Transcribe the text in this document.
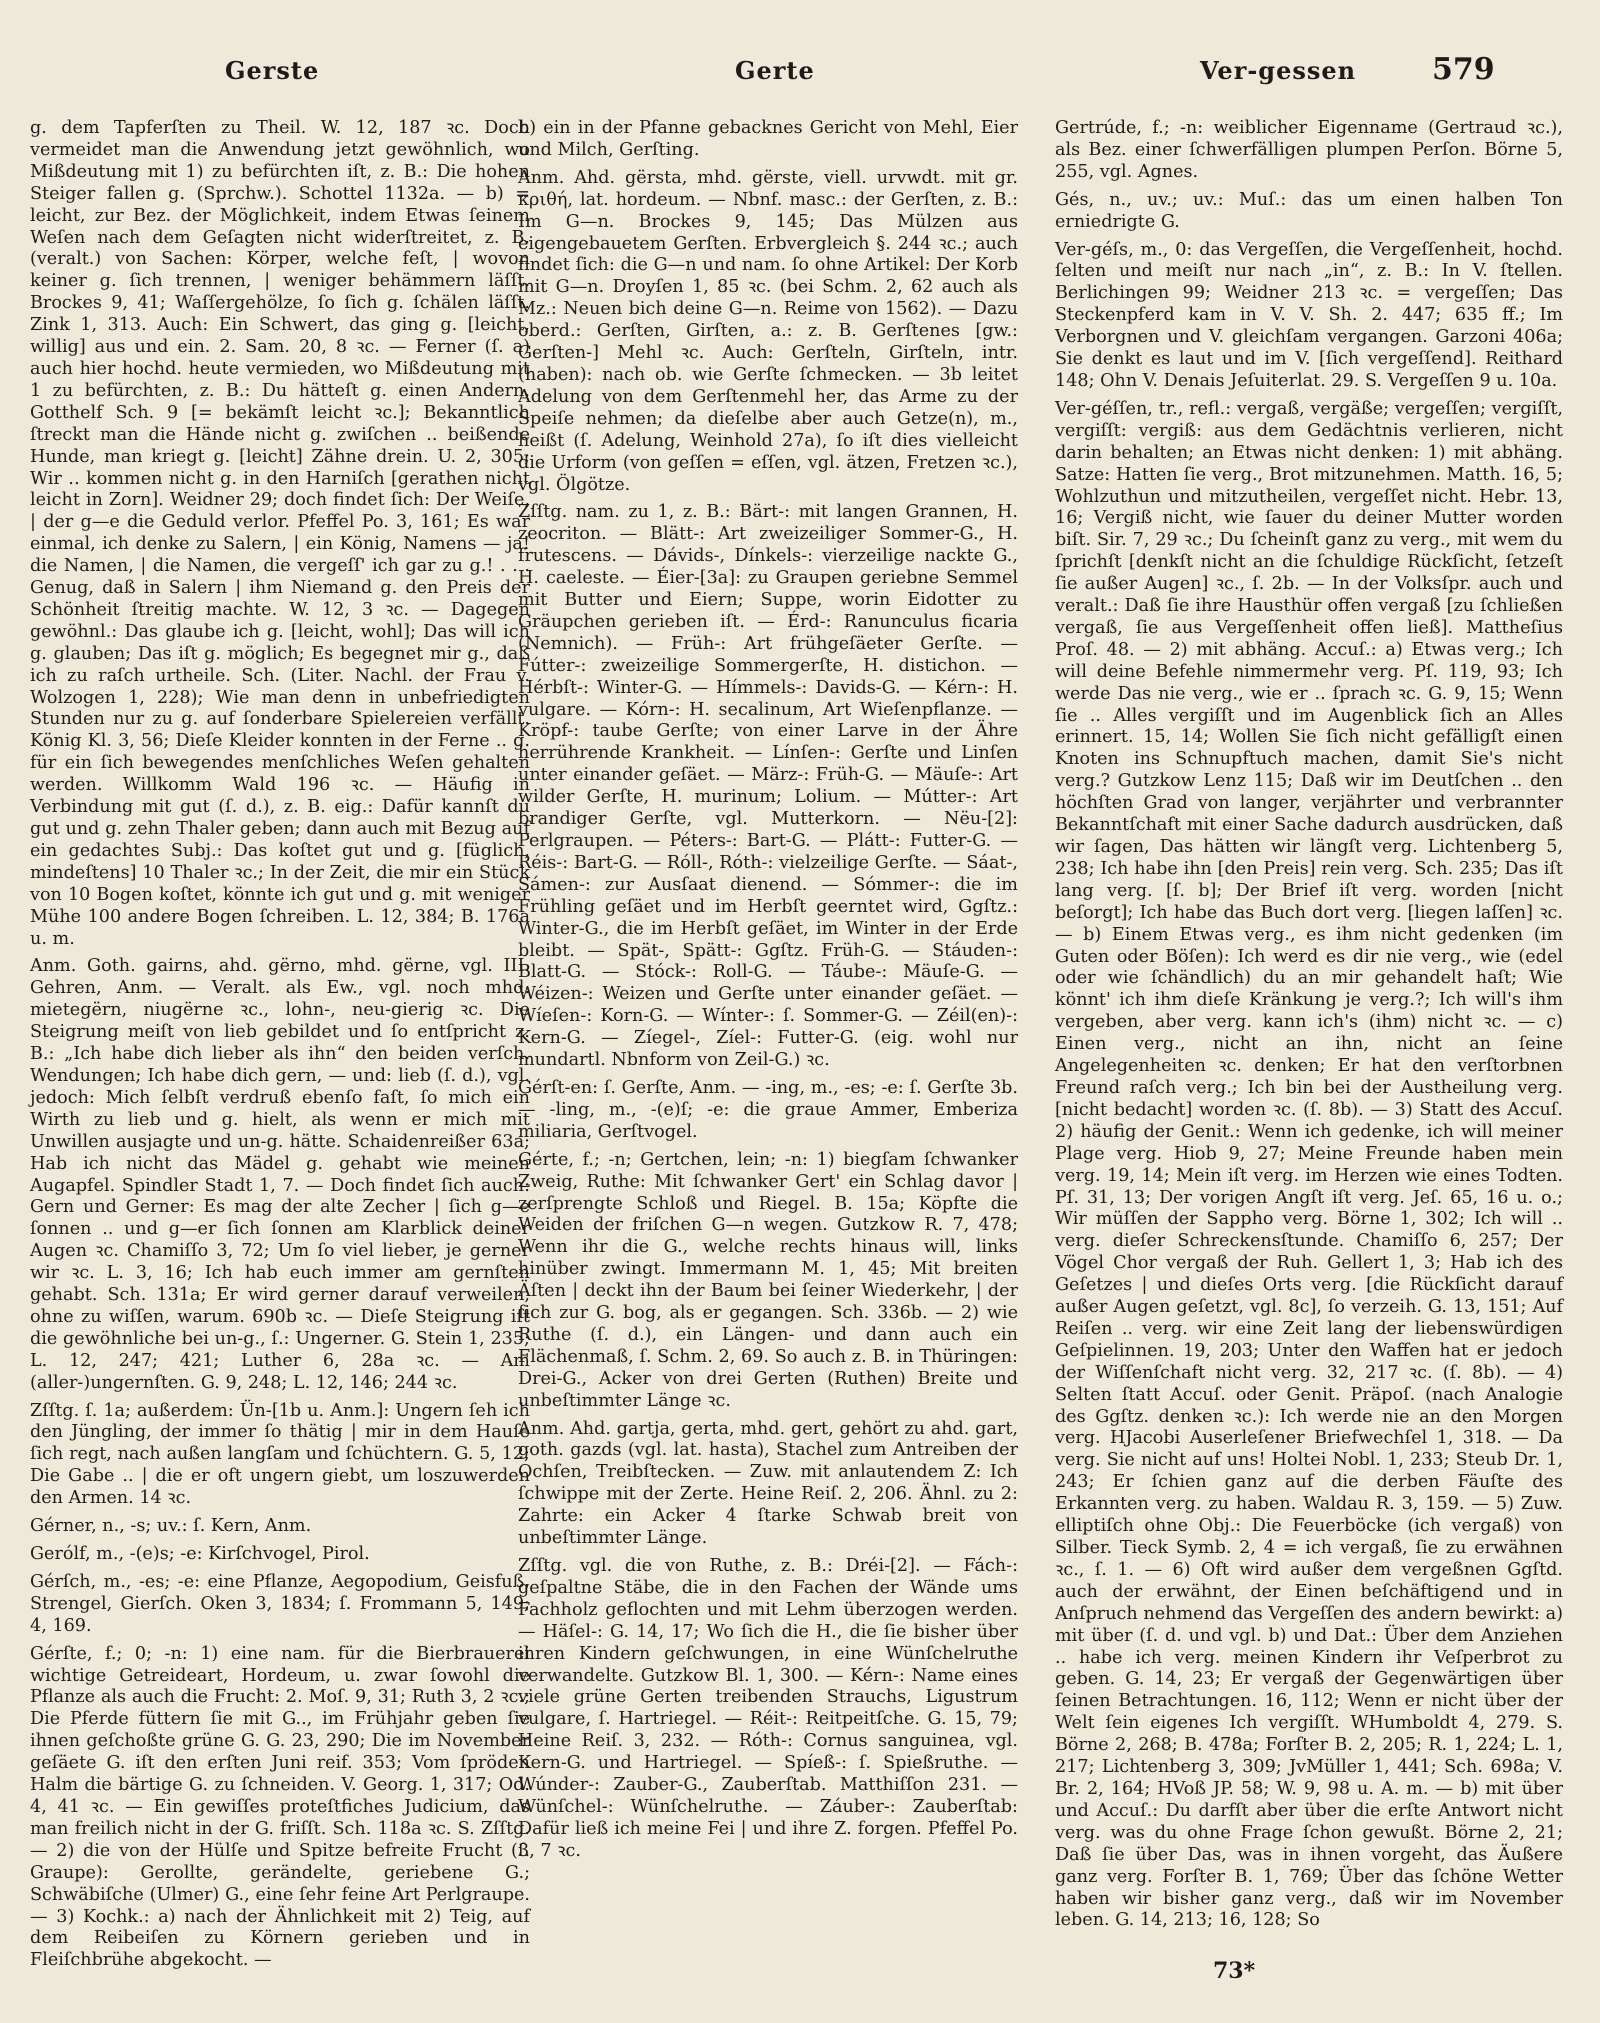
Gerste	Gerte	Ver-gessen	579

g. dem Tapferſten zu Theil. W. 12, 187 ꝛc. Doch vermeidet man die Anwendung jetzt gewöhnlich, wo Mißdeutung mit 1) zu befürchten iſt, z. B.: Die hohen Steiger fallen g. (Sprchw.). Schottel 1132a. — b) = leicht, zur Bez. der Möglichkeit, indem Etwas ſeinem Weſen nach dem Geſagten nicht widerſtreitet, z. B. (veralt.) von Sachen: Körper, welche feſt, | wovon keiner g. ſich trennen, | weniger behämmern läſſt. Brockes 9, 41; Waſſergehölze, ſo ſich g. ſchälen läſſt. Zink 1, 313. Auch: Ein Schwert, das ging g. [leicht, willig] aus und ein. 2. Sam. 20, 8 ꝛc. — Ferner (ſ. a) auch hier hochd. heute vermieden, wo Mißdeutung mit 1 zu befürchten, z. B.: Du hätteſt g. einen Andern. Gotthelf Sch. 9 [= bekämſt leicht ꝛc.]; Bekanntlich ſtreckt man die Hände nicht g. zwiſchen .. beißende Hunde, man kriegt g. [leicht] Zähne drein. U. 2, 305; Wir ‥ kommen nicht g. in den Harniſch [gerathen nicht leicht in Zorn]. Weidner 29; doch findet ſich: Der Weiſe, | der g—e die Geduld verlor. Pfeffel Po. 3, 161; Es war einmal, ich denke zu Salern, | ein König, Namens — ja! die Namen, | die Namen, die vergeſſ' ich gar zu g.! . . . Genug, daß in Salern | ihm Niemand g. den Preis der Schönheit ſtreitig machte. W. 12, 3 ꝛc. — Dagegen gewöhnl.: Das glaube ich g. [leicht, wohl]; Das will ich g. glauben; Das iſt g. möglich; Es begegnet mir g., daß ich zu raſch urtheile. Sch. (Liter. Nachl. der Frau v. Wolzogen 1, 228); Wie man denn in unbefriedigten Stunden nur zu g. auf ſonderbare Spielereien verfällt. König Kl. 3, 56; Dieſe Kleider konnten in der Ferne .. g. für ein ſich bewegendes menſchliches Weſen gehalten werden. Willkomm Wald 196 ꝛc. — Häufig in Verbindung mit gut (ſ. d.), z. B. eig.: Dafür kannſt du gut und g. zehn Thaler geben; dann auch mit Bezug auf ein gedachtes Subj.: Das koſtet gut und g. [füglich, mindeſtens] 10 Thaler ꝛc.; In der Zeit, die mir ein Stück von 10 Bogen koſtet, könnte ich gut und g. mit weniger Mühe 100 andere Bogen ſchreiben. L. 12, 384; B. 176a u. m.

Anm. Goth. gairns, ahd. gërno, mhd. gërne, vgl. III. Gehren, Anm. — Veralt. als Ew., vgl. noch mhd. mietegërn, niugërne ꝛc., lohn-, neu-gierig ꝛc. Die Steigrung meiſt von lieb gebildet und ſo entſpricht z. B.: „Ich habe dich lieber als ihn“ den beiden verſch. Wendungen; Ich habe dich gern, — und: lieb (ſ. d.), vgl. jedoch: Mich ſelbſt verdruß ebenſo faſt, ſo mich ein Wirth zu lieb und g. hielt, als wenn er mich mit Unwillen ausjagte und un-g. hätte. Schaidenreißer 63a; Hab ich nicht das Mädel g. gehabt wie meinen Augapfel. Spindler Stadt 1, 7. — Doch findet ſich auch: Gern und Gerner: Es mag der alte Zecher | ſich g—e ſonnen .. und g—er ſich ſonnen am Klarblick deiner Augen ꝛc. Chamiſſo 3, 72; Um ſo viel lieber, je gerner wir ꝛc. L. 3, 16; Ich hab euch immer am gernſten gehabt. Sch. 131a; Er wird gerner darauf verweilen, ohne zu wiſſen, warum. 690b ꝛc. — Dieſe Steigrung iſt die gewöhnliche bei un-g., ſ.: Ungerner. G. Stein 1, 235; L. 12, 247; 421; Luther 6, 28a ꝛc. — Am (aller-)ungernſten. G. 9, 248; L. 12, 146; 244 ꝛc.

Zſſtg. ſ. 1a; außerdem: Ün-[1b u. Anm.]: Ungern ſeh ich den Jüngling, der immer ſo thätig | mir in dem Hauſe ſich regt, nach außen langſam und ſchüchtern. G. 5, 12; Die Gabe .. | die er oft ungern giebt, um loszuwerden den Armen. 14 ꝛc.

Gérner, n., -s; uv.: ſ. Kern, Anm.

Gerólf, m., -(e)s; -e: Kirſchvogel, Pirol.

Gérſch, m., -es; -e: eine Pflanze, Aegopodium, Geisfuß, Strengel, Gierſch. Oken 3, 1834; ſ. Frommann 5, 149; 4, 169.

Gérſte, f.; 0; -n: 1) eine nam. für die Bierbrauerei wichtige Getreideart, Hordeum, u. zwar ſowohl die Pflanze als auch die Frucht: 2. Moſ. 9, 31; Ruth 3, 2 ꝛc.; Die Pferde füttern ſie mit G.., im Frühjahr geben ſie ihnen geſchoßte grüne G. G. 23, 290; Die im November geſäete G. iſt den erſten Juni reif. 353; Vom ſpröden Halm die bärtige G. zu ſchneiden. V. Georg. 1, 317; Od. 4, 41 ꝛc. — Ein gewiſſes proteſtfiches Judicium, das man freilich nicht in der G. friſſt. Sch. 118a ꝛc. S. Zſſtg. — 2) die von der Hülſe und Spitze befreite Frucht (ſ. Graupe): Gerollte, gerändelte, geriebene G.; Schwäbiſche (Ulmer) G., eine ſehr feine Art Perlgraupe. — 3) Kochk.: a) nach der Ähnlichkeit mit 2) Teig, auf dem Reibeiſen zu Körnern gerieben und in Fleiſchbrühe abgekocht. —

b) ein in der Pfanne gebacknes Gericht von Mehl, Eier und Milch, Gerſting.

Anm. Ahd. gërsta, mhd. gërste, viell. urvwdt. mit gr. κριθή, lat. hordeum. — Nbnf. masc.: der Gerſten, z. B.: Im G—n. Brockes 9, 145; Das Mülzen aus eigengebauetem Gerſten. Erbvergleich §. 244 ꝛc.; auch findet ſich: die G—n und nam. ſo ohne Artikel: Der Korb mit G—n. Droyſen 1, 85 ꝛc. (bei Schm. 2, 62 auch als Mz.: Neuen bich deine G—n. Reime von 1562). — Dazu oberd.: Gerſten, Girſten, a.: z. B. Gerſtenes [gw.: Gerſten-] Mehl ꝛc. Auch: Gerſteln, Girſteln, intr. (haben): nach ob. wie Gerſte ſchmecken. — 3b leitet Adelung von dem Gerſtenmehl her, das Arme zu der Speiſe nehmen; da dieſelbe aber auch Getze(n), m., heißt (ſ. Adelung, Weinhold 27a), ſo iſt dies vielleicht die Urform (von geſſen = eſſen, vgl. ätzen, Fretzen ꝛc.), vgl. Ölgötze.

Zſſtg. nam. zu 1, z. B.: Bärt-: mit langen Grannen, H. zeocriton. — Blätt-: Art zweizeiliger Sommer-G., H. frutescens. — Dávids-, Dínkels-: vierzeilige nackte G., H. caeleste. — Éier-[3a]: zu Graupen geriebne Semmel mit Butter und Eiern; Suppe, worin Eidotter zu Gräupchen gerieben iſt. — Érd-: Ranunculus ficaria (Nemnich). — Früh-: Art frühgeſäeter Gerſte. — Fútter-: zweizeilige Sommergerſte, H. distichon. — Hérbſt-: Winter-G. — Hímmels-: Davids-G. — Kérn-: H. vulgare. — Kórn-: H. secalinum, Art Wieſenpflanze. — Kröpf-: taube Gerſte; von einer Larve in der Ähre herrührende Krankheit. — Línſen-: Gerſte und Linſen unter einander geſäet. — März-: Früh-G. — Mäuſe-: Art wilder Gerſte, H. murinum; Lolium. — Mútter-: Art brandiger Gerſte, vgl. Mutterkorn. — Nëu-[2]: Perlgraupen. — Péters-: Bart-G. — Plátt-: Futter-G. — Réis-: Bart-G. — Róll-, Róth-: vielzeilige Gerſte. — Sáat-, Sámen-: zur Ausſaat dienend. — Sómmer-: die im Frühling geſäet und im Herbſt geerntet wird, Ggſtz.: Winter-G., die im Herbſt geſäet, im Winter in der Erde bleibt. — Spät-, Spätt-: Ggſtz. Früh-G. — Stáuden-: Blatt-G. — Stóck-: Roll-G. — Táube-: Mäuſe-G. — Wéizen-: Weizen und Gerſte unter einander geſäet. — Wíeſen-: Korn-G. — Wínter-: ſ. Sommer-G. — Zéil(en)-: Kern-G. — Zíegel-, Zíel-: Futter-G. (eig. wohl nur mundartl. Nbnform von Zeil-G.) ꝛc.

Gérſt-en: ſ. Gerſte, Anm. — -ing, m., -es; -e: ſ. Gerſte 3b. — -ling, m., -(e)ſ; -e: die graue Ammer, Emberiza miliaria, Gerſtvogel.

Gérte, f.; -n; Gertchen, lein; -n: 1) biegſam ſchwanker Zweig, Ruthe: Mit ſchwanker Gert' ein Schlag davor | zerſprengte Schloß und Riegel. B. 15a; Köpfte die Weiden der friſchen G—n wegen. Gutzkow R. 7, 478; Wenn ihr die G., welche rechts hinaus will, links hinüber zwingt. Immermann M. 1, 45; Mit breiten Äſten | deckt ihn der Baum bei ſeiner Wiederkehr, | der ſich zur G. bog, als er gegangen. Sch. 336b. — 2) wie Ruthe (ſ. d.), ein Längen- und dann auch ein Flächenmaß, ſ. Schm. 2, 69. So auch z. B. in Thüringen: Drei-G., Acker von drei Gerten (Ruthen) Breite und unbeſtimmter Länge ꝛc.

Anm. Ahd. gartja, gerta, mhd. gert, gehört zu ahd. gart, goth. gazds (vgl. lat. hasta), Stachel zum Antreiben der Ochſen, Treibſtecken. — Zuw. mit anlautendem Z: Ich ſchwippe mit der Zerte. Heine Reiſ. 2, 206. Ähnl. zu 2: Zahrte: ein Acker 4 ſtarke Schwab breit von unbeſtimmter Länge.

Zſſtg. vgl. die von Ruthe, z. B.: Dréi-[2]. — Fách-: geſpaltne Stäbe, die in den Fachen der Wände ums Fachholz geflochten und mit Lehm überzogen werden. — Häſel-: G. 14, 17; Wo ſich die H., die ſie bisher über ihren Kindern geſchwungen, in eine Wünſchelruthe verwandelte. Gutzkow Bl. 1, 300. — Kérn-: Name eines viele grüne Gerten treibenden Strauchs, Ligustrum vulgare, ſ. Hartriegel. — Réit-: Reitpeitſche. G. 15, 79; Heine Reiſ. 3, 232. — Róth-: Cornus sanguinea, vgl. Kern-G. und Hartriegel. — Spíeß-: ſ. Spießruthe. — Wúnder-: Zauber-G., Zauberſtab. Matthiſſon 231. — Wünſchel-: Wünſchelruthe. — Záuber-: Zauberſtab: Dafür ließ ich meine Fei | und ihre Z. forgen. Pfeffel Po. 3, 7 ꝛc.

Gertrúde, f.; -n: weiblicher Eigenname (Gertraud ꝛc.), als Bez. einer ſchwerfälligen plumpen Perſon. Börne 5, 255, vgl. Agnes.

Gés, n., uv.; uv.: Muſ.: das um einen halben Ton erniedrigte G.

Ver-géſs, m., 0: das Vergeſſen, die Vergeſſenheit, hochd. ſelten und meiſt nur nach „in“, z. B.: In V. ſtellen. Berlichingen 99; Weidner 213 ꝛc. = vergeſſen; Das Steckenpferd kam in V. V. Sh. 2. 447; 635 ff.; Im Verborgnen und V. gleichſam vergangen. Garzoni 406a; Sie denkt es laut und im V. [ſich vergeſſend]. Reithard 148; Ohn V. Denais Jeſuiterlat. 29. S. Vergeſſen 9 u. 10a.

Ver-géſſen, tr., refl.: vergaß, vergäße; vergeſſen; vergiſſt, vergiſſt: vergiß: aus dem Gedächtnis verlieren, nicht darin behalten; an Etwas nicht denken: 1) mit abhäng. Satze: Hatten ſie verg., Brot mitzunehmen. Matth. 16, 5; Wohlzuthun und mitzutheilen, vergeſſet nicht. Hebr. 13, 16; Vergiß nicht, wie ſauer du deiner Mutter worden biſt. Sir. 7, 29 ꝛc.; Du ſcheinſt ganz zu verg., mit wem du ſprichſt [denkſt nicht an die ſchuldige Rückſicht, ſetzeſt ſie außer Augen] ꝛc., ſ. 2b. — In der Volksſpr. auch und veralt.: Daß ſie ihre Hausthür offen vergaß [zu ſchließen vergaß, ſie aus Vergeſſenheit offen ließ]. Mattheſius Proſ. 48. — 2) mit abhäng. Accuſ.: a) Etwas verg.; Ich will deine Befehle nimmermehr verg. Pſ. 119, 93; Ich werde Das nie verg., wie er .. ſprach ꝛc. G. 9, 15; Wenn ſie .. Alles vergiſſt und im Augenblick ſich an Alles erinnert. 15, 14; Wollen Sie ſich nicht gefälligſt einen Knoten ins Schnupftuch machen, damit Sie's nicht verg.? Gutzkow Lenz 115; Daß wir im Deutſchen .. den höchſten Grad von langer, verjährter und verbrannter Bekanntſchaft mit einer Sache dadurch ausdrücken, daß wir ſagen, Das hätten wir längſt verg. Lichtenberg 5, 238; Ich habe ihn [den Preis] rein verg. Sch. 235; Das iſt lang verg. [ſ. b]; Der Brief iſt verg. worden [nicht beſorgt]; Ich habe das Buch dort verg. [liegen laſſen] ꝛc. — b) Einem Etwas verg., es ihm nicht gedenken (im Guten oder Böſen): Ich werd es dir nie verg., wie (edel oder wie ſchändlich) du an mir gehandelt haſt; Wie könnt' ich ihm dieſe Kränkung je verg.?; Ich will's ihm vergeben, aber verg. kann ich's (ihm) nicht ꝛc. — c) Einen verg., nicht an ihn, nicht an ſeine Angelegenheiten ꝛc. denken; Er hat den verſtorbnen Freund raſch verg.; Ich bin bei der Austheilung verg. [nicht bedacht] worden ꝛc. (ſ. 8b). — 3) Statt des Accuſ. 2) häufig der Genit.: Wenn ich gedenke, ich will meiner Plage verg. Hiob 9, 27; Meine Freunde haben mein verg. 19, 14; Mein iſt verg. im Herzen wie eines Todten. Pſ. 31, 13; Der vorigen Angſt iſt verg. Jeſ. 65, 16 u. o.; Wir müſſen der Sappho verg. Börne 1, 302; Ich will .. verg. dieſer Schreckensſtunde. Chamiſſo 6, 257; Der Vögel Chor vergaß der Ruh. Gellert 1, 3; Hab ich des Geſetzes | und dieſes Orts verg. [die Rückſicht darauf außer Augen geſetzt, vgl. 8c], ſo verzeih. G. 13, 151; Auf Reiſen .. verg. wir eine Zeit lang der liebenswürdigen Geſpielinnen. 19, 203; Unter den Waffen hat er jedoch der Wiſſenſchaft nicht verg. 32, 217 ꝛc. (ſ. 8b). — 4) Selten ſtatt Accuſ. oder Genit. Präpoſ. (nach Analogie des Ggſtz. denken ꝛc.): Ich werde nie an den Morgen verg. HJacobi Auserleſener Briefwechſel 1, 318. — Da verg. Sie nicht auf uns! Holtei Nobl. 1, 233; Steub Dr. 1, 243; Er ſchien ganz auf die derben Fäuſte des Erkannten verg. zu haben. Waldau R. 3, 159. — 5) Zuw. elliptiſch ohne Obj.: Die Feuerböcke (ich vergaß) von Silber. Tieck Symb. 2, 4 = ich vergaß, ſie zu erwähnen ꝛc., ſ. 1. — 6) Oft wird außer dem vergeßnen Ggſtd. auch der erwähnt, der Einen beſchäftigend und in Anſpruch nehmend das Vergeſſen des andern bewirkt: a) mit über (ſ. d. und vgl. b) und Dat.: Über dem Anziehen .. habe ich verg. meinen Kindern ihr Veſperbrot zu geben. G. 14, 23; Er vergaß der Gegenwärtigen über ſeinen Betrachtungen. 16, 112; Wenn er nicht über der Welt ſein eigenes Ich vergiſſt. WHumboldt 4, 279. S. Börne 2, 268; B. 478a; Forſter B. 2, 205; R. 1, 224; L. 1, 217; Lichtenberg 3, 309; JvMüller 1, 441; Sch. 698a; V. Br. 2, 164; HVoß JP. 58; W. 9, 98 u. A. m. — b) mit über und Accuſ.: Du darfſt aber über die erſte Antwort nicht verg. was du ohne Frage ſchon gewußt. Börne 2, 21; Daß ſie über Das, was in ihnen vorgeht, das Äußere ganz verg. Forſter B. 1, 769; Über das ſchöne Wetter haben wir bisher ganz verg., daß wir im November leben. G. 14, 213; 16, 128; So

73*
